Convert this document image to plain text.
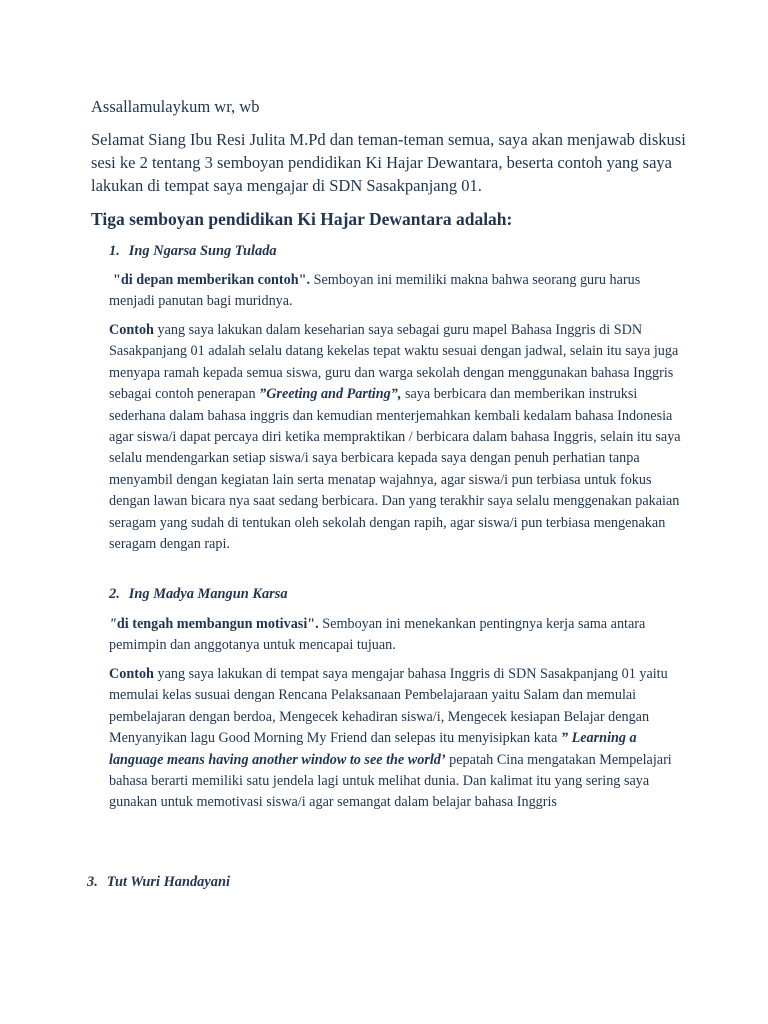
Assallamulaykum wr, wb

Selamat Siang Ibu Resi Julita M.Pd dan teman-teman semua, saya akan menjawab diskusi sesi ke 2 tentang 3 semboyan pendidikan Ki Hajar Dewantara, beserta contoh yang saya lakukan di tempat saya mengajar di SDN Sasakpanjang 01.

Tiga semboyan pendidikan Ki Hajar Dewantara adalah:

1. Ing Ngarsa Sung Tulada

"di depan memberikan contoh". Semboyan ini memiliki makna bahwa seorang guru harus menjadi panutan bagi muridnya.

Contoh yang saya lakukan dalam keseharian saya sebagai guru mapel Bahasa Inggris di SDN Sasakpanjang 01 adalah selalu datang kekelas tepat waktu sesuai dengan jadwal, selain itu saya juga menyapa ramah kepada semua siswa, guru dan warga sekolah dengan menggunakan bahasa Inggris sebagai contoh penerapan ”Greeting and Parting”, saya berbicara dan memberikan instruksi sederhana dalam bahasa inggris dan kemudian menterjemahkan kembali kedalam bahasa Indonesia agar siswa/i dapat percaya diri ketika mempraktikan / berbicara dalam bahasa Inggris, selain itu saya selalu mendengarkan setiap siswa/i saya berbicara kepada saya dengan penuh perhatian tanpa menyambil dengan kegiatan lain serta menatap wajahnya, agar siswa/i pun terbiasa untuk fokus dengan lawan bicara nya saat sedang berbicara. Dan yang terakhir saya selalu menggenakan pakaian seragam yang sudah di tentukan oleh sekolah dengan rapih, agar siswa/i pun terbiasa mengenakan seragam dengan rapi.

2. Ing Madya Mangun Karsa

"di tengah membangun motivasi". Semboyan ini menekankan pentingnya kerja sama antara pemimpin dan anggotanya untuk mencapai tujuan.

Contoh yang saya lakukan di tempat saya mengajar bahasa Inggris di SDN Sasakpanjang 01 yaitu memulai kelas susuai dengan Rencana Pelaksanaan Pembelajaraan yaitu Salam dan memulai pembelajaran dengan berdoa, Mengecek kehadiran siswa/i, Mengecek kesiapan Belajar dengan Menyanyikan lagu Good Morning My Friend dan selepas itu menyisipkan kata ” Learning a language means having another window to see the world’ pepatah Cina mengatakan Mempelajari bahasa berarti memiliki satu jendela lagi untuk melihat dunia. Dan kalimat itu yang sering saya gunakan untuk memotivasi siswa/i agar semangat dalam belajar bahasa Inggris

3. Tut Wuri Handayani
